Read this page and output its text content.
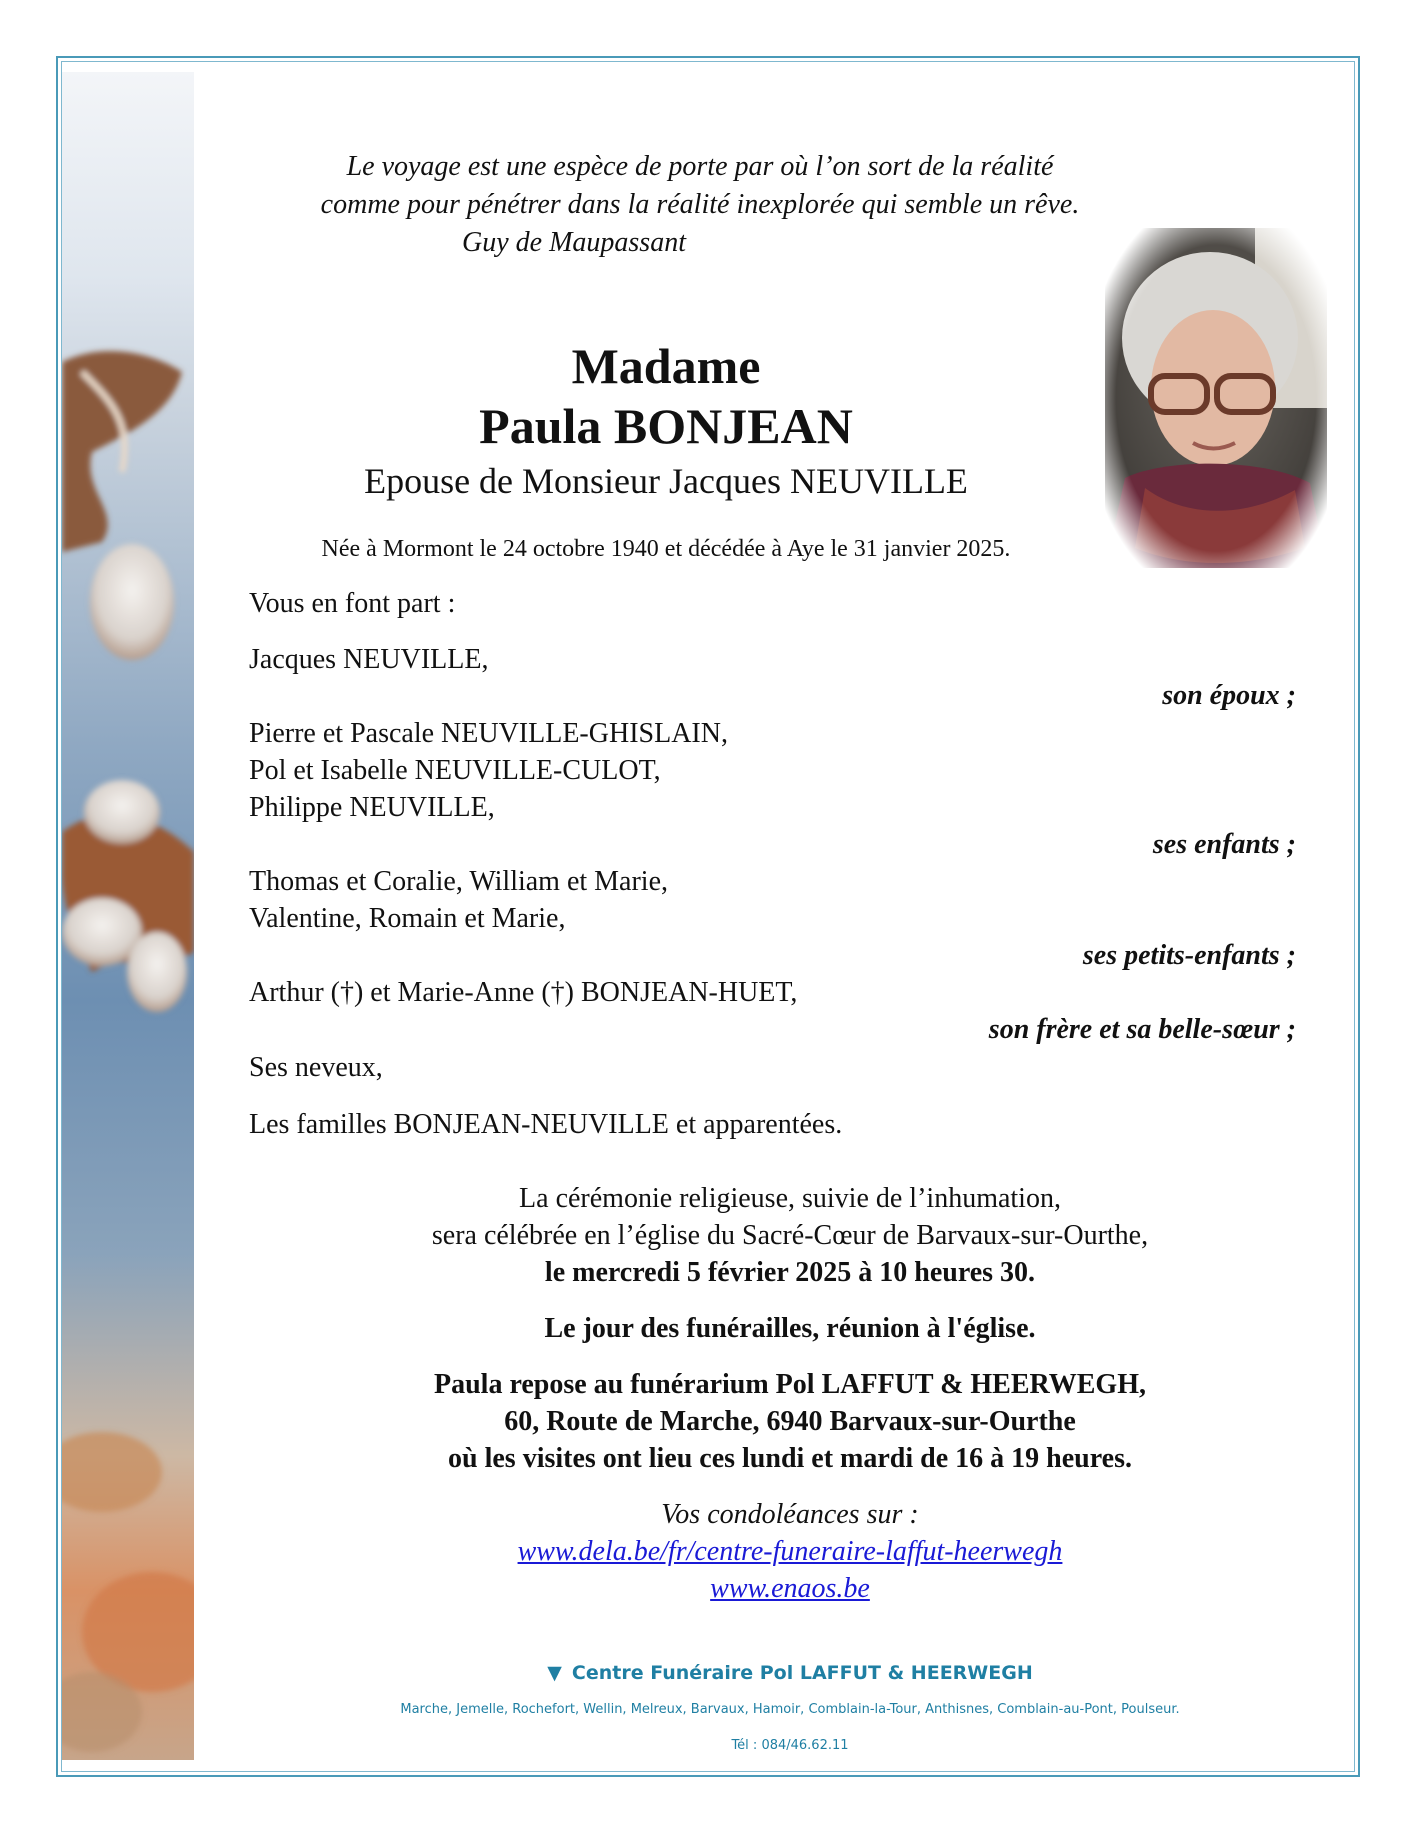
Le voyage est une espèce de porte par où l’on sort de la réalité
comme pour pénétrer dans la réalité inexplorée qui semble un rêve.
Guy de Maupassant
Madame
Paula BONJEAN
Epouse de Monsieur Jacques NEUVILLE
Née à Mormont le 24 octobre 1940 et décédée à Aye le 31 janvier 2025.
Vous en font part :
Jacques NEUVILLE,
son époux ;
Pierre et Pascale NEUVILLE-GHISLAIN,
Pol et Isabelle NEUVILLE-CULOT,
Philippe NEUVILLE,
ses enfants ;
Thomas et Coralie, William et Marie,
Valentine, Romain et Marie,
ses petits-enfants ;
Arthur (†) et Marie-Anne (†) BONJEAN-HUET,
son frère et sa belle-sœur ;
Ses neveux,
Les familles BONJEAN-NEUVILLE et apparentées.
La cérémonie religieuse, suivie de l’inhumation,
sera célébrée en l’église du Sacré-Cœur de Barvaux-sur-Ourthe,
le mercredi 5 février 2025 à 10 heures 30.
Le jour des funérailles, réunion à l'église.
Paula repose au funérarium Pol LAFFUT & HEERWEGH,
60, Route de Marche, 6940 Barvaux-sur-Ourthe
où les visites ont lieu ces lundi et mardi de 16 à 19 heures.
Vos condoléances sur :
www.dela.be/fr/centre-funeraire-laffut-heerwegh
www.enaos.be
▼ Centre Funéraire Pol LAFFUT & HEERWEGH
Marche, Jemelle, Rochefort, Wellin, Melreux, Barvaux, Hamoir, Comblain-la-Tour, Anthisnes, Comblain-au-Pont, Poulseur.
Tél : 084/46.62.11
